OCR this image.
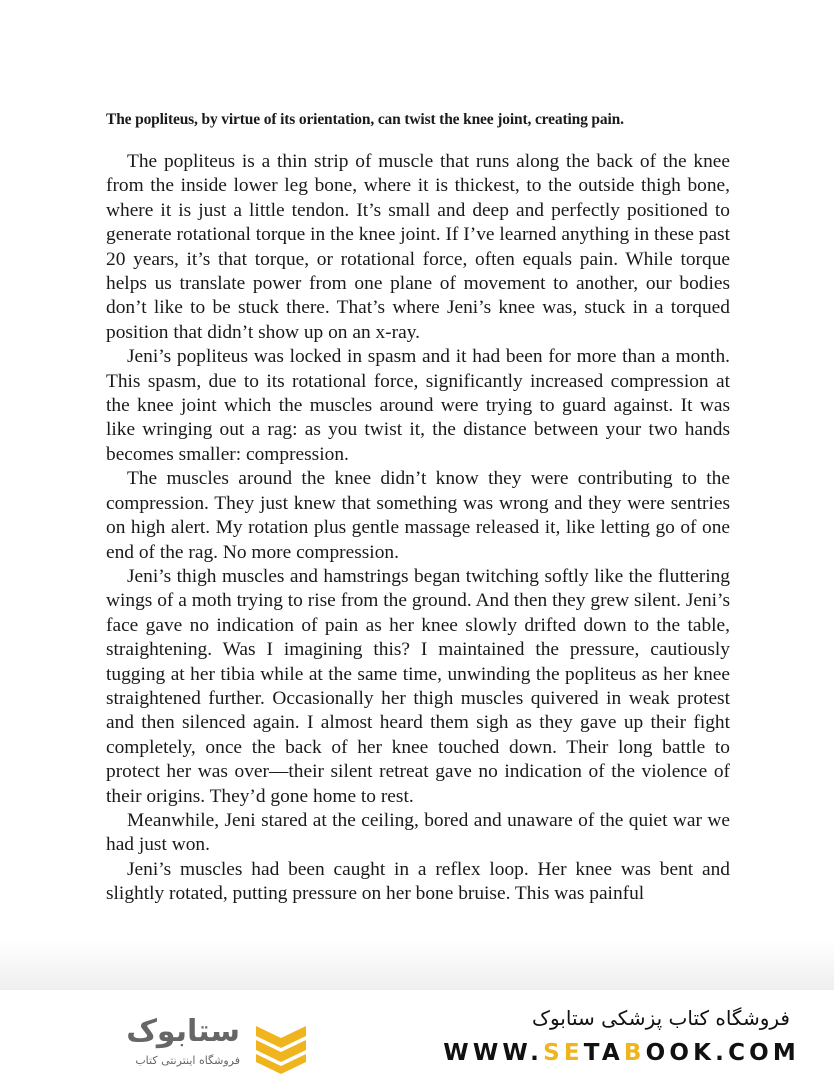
The popliteus, by virtue of its orientation, can twist the knee joint, creating pain.

The popliteus is a thin strip of muscle that runs along the back of the knee from the inside lower leg bone, where it is thickest, to the outside thigh bone, where it is just a little tendon. It’s small and deep and perfectly positioned to generate rotational torque in the knee joint. If I’ve learned anything in these past 20 years, it’s that torque, or rotational force, often equals pain. While torque helps us translate power from one plane of movement to another, our bodies don’t like to be stuck there. That’s where Jeni’s knee was, stuck in a torqued position that didn’t show up on an x-ray.

Jeni’s popliteus was locked in spasm and it had been for more than a month. This spasm, due to its rotational force, significantly increased compression at the knee joint which the muscles around were trying to guard against. It was like wringing out a rag: as you twist it, the distance between your two hands becomes smaller: compression.

The muscles around the knee didn’t know they were contributing to the compression. They just knew that something was wrong and they were sentries on high alert. My rotation plus gentle massage released it, like letting go of one end of the rag. No more compression.

Jeni’s thigh muscles and hamstrings began twitching softly like the fluttering wings of a moth trying to rise from the ground. And then they grew silent. Jeni’s face gave no indication of pain as her knee slowly drifted down to the table, straightening. Was I imagining this? I maintained the pressure, cautiously tugging at her tibia while at the same time, unwinding the popliteus as her knee straightened further. Occasionally her thigh muscles quivered in weak protest and then silenced again. I almost heard them sigh as they gave up their fight completely, once the back of her knee touched down. Their long battle to protect her was over—their silent retreat gave no indication of the violence of their origins. They’d gone home to rest.

Meanwhile, Jeni stared at the ceiling, bored and unaware of the quiet war we had just won.

Jeni’s muscles had been caught in a reflex loop. Her knee was bent and slightly rotated, putting pressure on her bone bruise. This was painful

ستابوک
فروشگاه اینترنتی کتاب
فروشگاه کتاب پزشکی ستابوک
WWW.SETABOOK.COM
